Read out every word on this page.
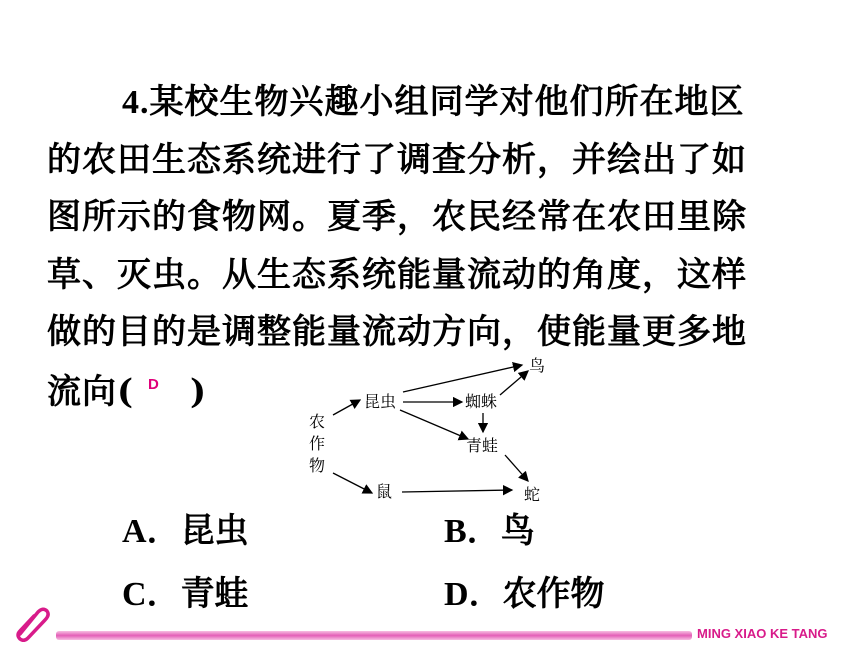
4.某校生物兴趣小组同学对他们所在地区
的农田生态系统进行了调查分析，并绘出了如
图所示的食物网。夏季，农民经常在农田里除
草、灭虫。从生态系统能量流动的角度，这样
做的目的是调整能量流动方向，使能量更多地
流向( D )
农
作
物
昆虫	蜘蛛
鸟
青蛙
鼠	蛇
A．昆虫	B．鸟
C．青蛙	D．农作物
MING XIAO KE TANG
